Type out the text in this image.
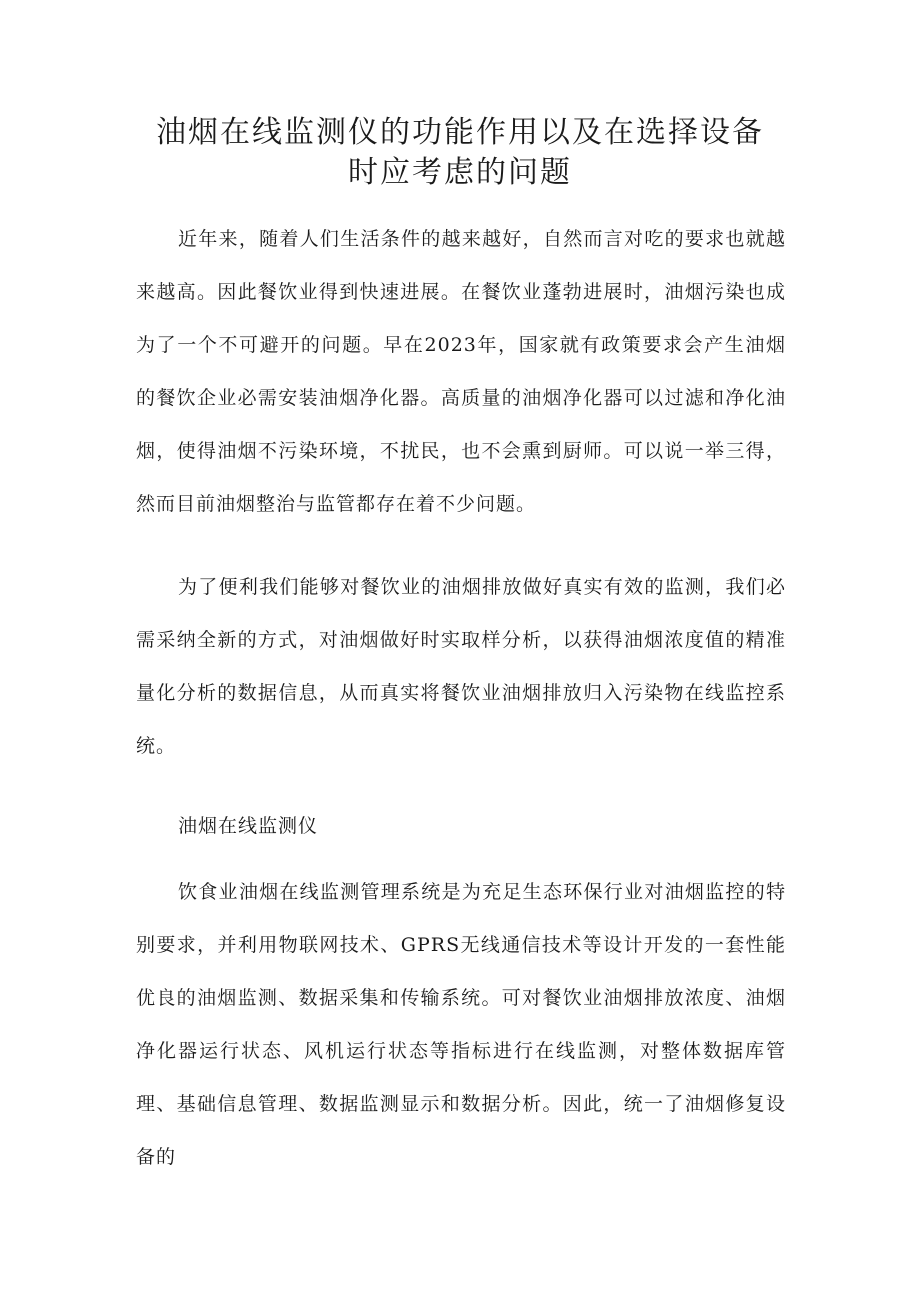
油烟在线监测仪的功能作用以及在选择设备
时应考虑的问题

近年来，随着人们生活条件的越来越好，自然而言对吃的要求也就越来越高。因此餐饮业得到快速进展。在餐饮业蓬勃进展时，油烟污染也成为了一个不可避开的问题。早在2023年，国家就有政策要求会产生油烟的餐饮企业必需安装油烟净化器。高质量的油烟净化器可以过滤和净化油烟，使得油烟不污染环境，不扰民，也不会熏到厨师。可以说一举三得，然而目前油烟整治与监管都存在着不少问题。

为了便利我们能够对餐饮业的油烟排放做好真实有效的监测，我们必需采纳全新的方式，对油烟做好时实取样分析，以获得油烟浓度值的精准量化分析的数据信息，从而真实将餐饮业油烟排放归入污染物在线监控系统。

油烟在线监测仪

饮食业油烟在线监测管理系统是为充足生态环保行业对油烟监控的特别要求，并利用物联网技术、GPRS无线通信技术等设计开发的一套性能优良的油烟监测、数据采集和传输系统。可对餐饮业油烟排放浓度、油烟净化器运行状态、风机运行状态等指标进行在线监测，对整体数据库管理、基础信息管理、数据监测显示和数据分析。因此，统一了油烟修复设备的
